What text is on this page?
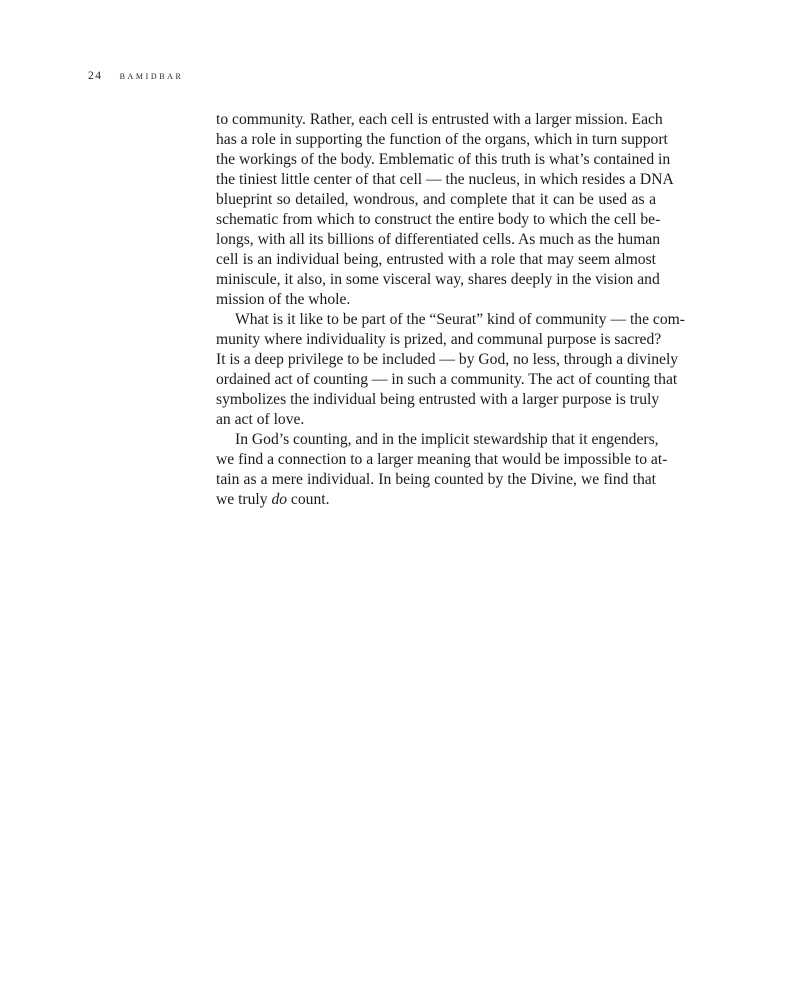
24 bamidbar
to community. Rather, each cell is entrusted with a larger mission. Each
has a role in supporting the function of the organs, which in turn support
the workings of the body. Emblematic of this truth is what’s contained in
the tiniest little center of that cell — the nucleus, in which resides a DNA
blueprint so detailed, wondrous, and complete that it can be used as a
schematic from which to construct the entire body to which the cell be-
longs, with all its billions of differentiated cells. As much as the human
cell is an individual being, entrusted with a role that may seem almost
miniscule, it also, in some visceral way, shares deeply in the vision and
mission of the whole.
What is it like to be part of the “Seurat” kind of community — the com-
munity where individuality is prized, and communal purpose is sacred?
It is a deep privilege to be included — by God, no less, through a divinely
ordained act of counting — in such a community. The act of counting that
symbolizes the individual being entrusted with a larger purpose is truly
an act of love.
In God’s counting, and in the implicit stewardship that it engenders,
we find a connection to a larger meaning that would be impossible to at-
tain as a mere individual. In being counted by the Divine, we find that
we truly do count.
